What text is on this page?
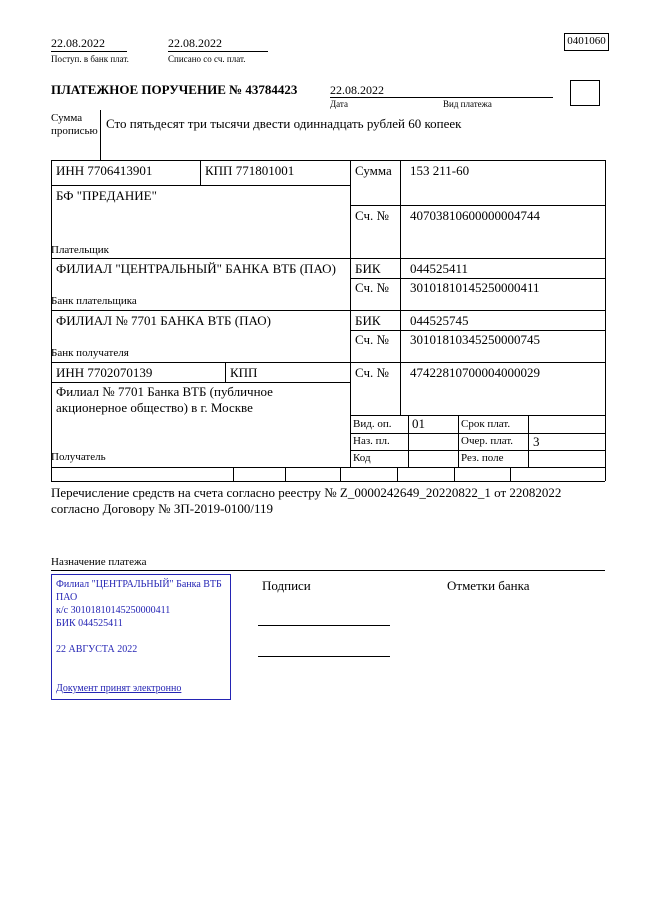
22.08.2022
Поступ. в банк плат.
22.08.2022
Списано со сч. плат.
0401060
ПЛАТЕЖНОЕ ПОРУЧЕНИЕ № 43784423	22.08.2022
Дата	Вид платежа
Сумма
прописью Сто пятьдесят три тысячи двести одиннадцать рублей 60 копеек
ИНН 7706413901	КПП 771801001	Сумма 153 211-60
БФ "ПРЕДАНИЕ"
Сч. № 40703810600000004744
Плательщик
ФИЛИАЛ "ЦЕНТРАЛЬНЫЙ" БАНКА ВТБ (ПАО) БИК 044525411
Сч. № 30101810145250000411
Банк плательщика
ФИЛИАЛ № 7701 БАНКА ВТБ (ПАО)	БИК 044525745
Сч. № 30101810345250000745
Банк получателя
ИНН 7702070139	КПП	Сч. № 47422810700004000029
Филиал № 7701 Банка ВТБ (публичное акционерное общество) в г. Москве
Получатель
Вид. оп. 01	Срок плат.
Наз. пл.	Очер. плат. 3
Код	Рез. поле
Перечисление средств на счета согласно реестру № Z_0000242649_20220822_1 от 22082022 согласно Договору № ЗП-2019-0100/119
Назначение платежа
Филиал "ЦЕНТРАЛЬНЫЙ" Банка ВТБ ПАО
к/с 30101810145250000411
БИК 044525411
22 АВГУСТА 2022
Документ принят электронно
Подписи	Отметки банка
